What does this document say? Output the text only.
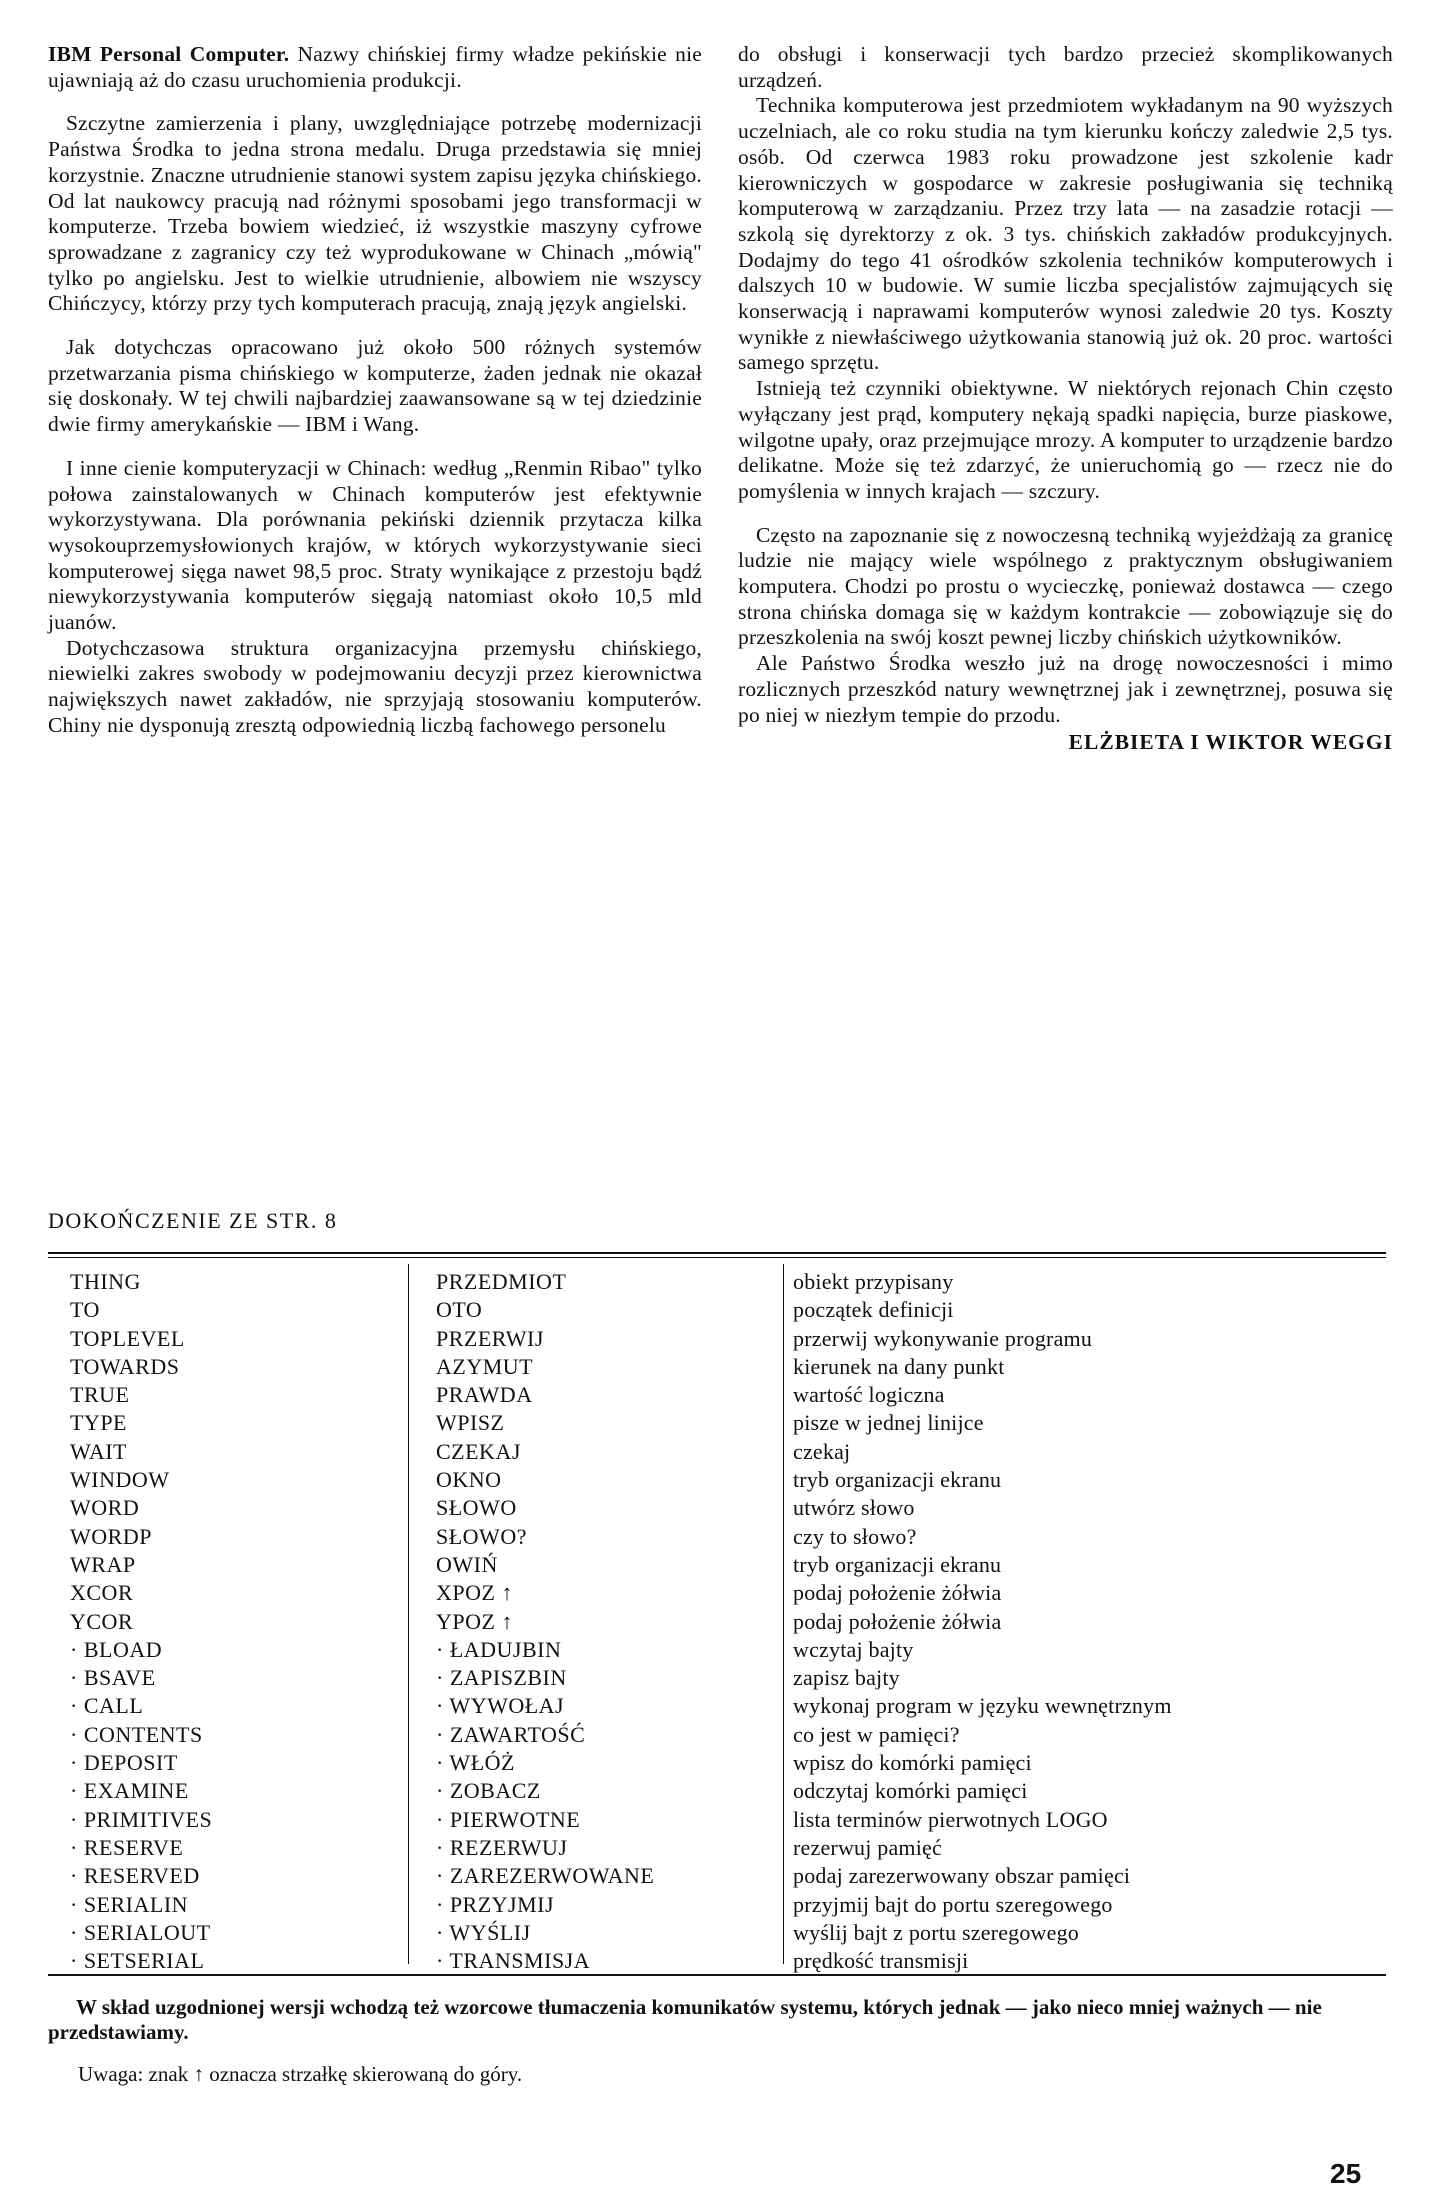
IBM Personal Computer. Nazwy chińskiej firmy władze pekińskie nie ujawniają aż do czasu uruchomienia produkcji.

Szczytne zamierzenia i plany, uwzględniające potrzebę modernizacji Państwa Środka to jedna strona medalu. Druga przedstawia się mniej korzystnie. Znaczne utrudnienie stanowi system zapisu języka chińskiego. Od lat naukowcy pracują nad różnymi sposobami jego transformacji w komputerze. Trzeba bowiem wiedzieć, iż wszystkie maszyny cyfrowe sprowadzane z zagranicy czy też wyprodukowane w Chinach „mówią" tylko po angielsku. Jest to wielkie utrudnienie, albowiem nie wszyscy Chińczycy, którzy przy tych komputerach pracują, znają język angielski.

Jak dotychczas opracowano już około 500 różnych systemów przetwarzania pisma chińskiego w komputerze, żaden jednak nie okazał się doskonały. W tej chwili najbardziej zaawansowane są w tej dziedzinie dwie firmy amerykańskie — IBM i Wang.

I inne cienie komputeryzacji w Chinach: według „Renmin Ribao" tylko połowa zainstalowanych w Chinach komputerów jest efektywnie wykorzystywana. Dla porównania pekiński dziennik przytacza kilka wysokouprzemysłowionych krajów, w których wykorzystywanie sieci komputerowej sięga nawet 98,5 proc. Straty wynikające z przestoju bądź niewykorzystywania komputerów sięgają natomiast około 10,5 mld juanów.

Dotychczasowa struktura organizacyjna przemysłu chińskiego, niewielki zakres swobody w podejmowaniu decyzji przez kierownictwa największych nawet zakładów, nie sprzyjają stosowaniu komputerów. Chiny nie dysponują zresztą odpowiednią liczbą fachowego personelu

do obsługi i konserwacji tych bardzo przecież skomplikowanych urządzeń.

Technika komputerowa jest przedmiotem wykładanym na 90 wyższych uczelniach, ale co roku studia na tym kierunku kończy zaledwie 2,5 tys. osób. Od czerwca 1983 roku prowadzone jest szkolenie kadr kierowniczych w gospodarce w zakresie posługiwania się techniką komputerową w zarządzaniu. Przez trzy lata — na zasadzie rotacji — szkolą się dyrektorzy z ok. 3 tys. chińskich zakładów produkcyjnych. Dodajmy do tego 41 ośrodków szkolenia techników komputerowych i dalszych 10 w budowie. W sumie liczba specjalistów zajmujących się konserwacją i naprawami komputerów wynosi zaledwie 20 tys. Koszty wynikłe z niewłaściwego użytkowania stanowią już ok. 20 proc. wartości samego sprzętu.

Istnieją też czynniki obiektywne. W niektórych rejonach Chin często wyłączany jest prąd, komputery nękają spadki napięcia, burze piaskowe, wilgotne upały, oraz przejmujące mrozy. A komputer to urządzenie bardzo delikatne. Może się też zdarzyć, że unieruchomią go — rzecz nie do pomyślenia w innych krajach — szczury.

Często na zapoznanie się z nowoczesną techniką wyjeżdżają za granicę ludzie nie mający wiele wspólnego z praktycznym obsługiwaniem komputera. Chodzi po prostu o wycieczkę, ponieważ dostawca — czego strona chińska domaga się w każdym kontrakcie — zobowiązuje się do przeszkolenia na swój koszt pewnej liczby chińskich użytkowników.

Ale Państwo Środka weszło już na drogę nowoczesności i mimo rozlicznych przeszkód natury wewnętrznej jak i zewnętrznej, posuwa się po niej w niezłym tempie do przodu.

ELŻBIETA I WIKTOR WEGGI
DOKOŃCZENIE ZE STR. 8
THING
TO
TOPLEVEL
TOWARDS
TRUE
TYPE
WAIT
WINDOW
WORD
WORDP
WRAP
XCOR
YCOR
· BLOAD
· BSAVE
· CALL
· CONTENTS
· DEPOSIT
· EXAMINE
· PRIMITIVES
· RESERVE
· RESERVED
· SERIALIN
· SERIALOUT
· SETSERIAL
PRZEDMIOT
OTO
PRZERWIJ
AZYMUT
PRAWDA
WPISZ
CZEKAJ
OKNO
SŁOWO
SŁOWO?
OWIŃ
XPOZ ↑
YPOZ ↑
· ŁADUJBIN
· ZAPISZBIN
· WYWOŁAJ
· ZAWARTOŚĆ
· WŁÓŻ
· ZOBACZ
· PIERWOTNE
· REZERWUJ
· ZAREZERWOWANE
· PRZYJMIJ
· WYŚLIJ
· TRANSMISJA
obiekt przypisany
początek definicji
przerwij wykonywanie programu
kierunek na dany punkt
wartość logiczna
pisze w jednej linijce
czekaj
tryb organizacji ekranu
utwórz słowo
czy to słowo?
tryb organizacji ekranu
podaj położenie żółwia
podaj położenie żółwia
wczytaj bajty
zapisz bajty
wykonaj program w języku wewnętrznym
co jest w pamięci?
wpisz do komórki pamięci
odczytaj komórki pamięci
lista terminów pierwotnych LOGO
rezerwuj pamięć
podaj zarezerwowany obszar pamięci
przyjmij bajt do portu szeregowego
wyślij bajt z portu szeregowego
prędkość transmisji
W skład uzgodnionej wersji wchodzą też wzorcowe tłumaczenia komunikatów systemu, których jednak — jako nieco mniej ważnych — nie przedstawiamy.
Uwaga: znak ↑ oznacza strzałkę skierowaną do góry.
25
